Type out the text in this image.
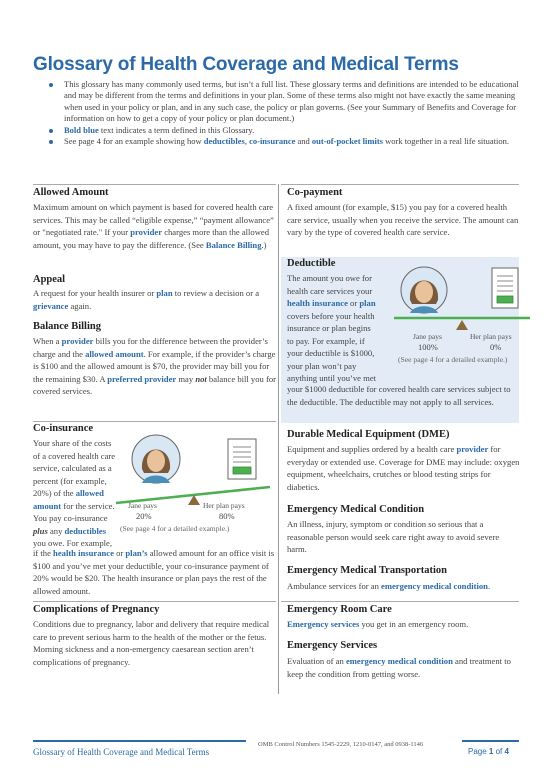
Glossary of Health Coverage and Medical Terms
This glossary has many commonly used terms, but isn’t a full list. These glossary terms and definitions are intended to be educational and may be different from the terms and definitions in your plan. Some of these terms also might not have exactly the same meaning when used in your policy or plan, and in any such case, the policy or plan governs. (See your Summary of Benefits and Coverage for information on how to get a copy of your policy or plan document.)
Bold blue text indicates a term defined in this Glossary.
See page 4 for an example showing how deductibles, co-insurance and out-of-pocket limits work together in a real life situation.
Allowed Amount

Maximum amount on which payment is based for covered health care services. This may be called “eligible expense,” “payment allowance” or "negotiated rate." If your provider charges more than the allowed amount, you may have to pay the difference. (See Balance Billing.)

Appeal

A request for your health insurer or plan to review a decision or a grievance again.

Balance Billing

When a provider bills you for the difference between the provider’s charge and the allowed amount. For example, if the provider’s charge is $100 and the allowed amount is $70, the provider may bill you for the remaining $30. A preferred provider may not balance bill you for covered services.

Co-insurance

Your share of the costs
of a covered health care
service, calculated as a
percent (for example,
20%) of the allowed
amount for the service.
You pay co-insurance
plus any deductibles
you owe. For example,

if the health insurance or plan’s allowed amount for an office visit is $100 and you’ve met your deductible, your co-insurance payment of 20% would be $20. The health insurance or plan pays the rest of the allowed amount.

Jane pays	Her plan pays
20%	80%
(See page 4 for a detailed example.)
Complications of Pregnancy

Conditions due to pregnancy, labor and delivery that require medical care to prevent serious harm to the health of the mother or the fetus. Morning sickness and a non-emergency caesarean section aren’t complications of pregnancy.

Co-payment

A fixed amount (for example, $15) you pay for a covered health care service, usually when you receive the service. The amount can vary by the type of covered health care service.

Deductible

The amount you owe for
health care services your
health insurance or plan
covers before your health
insurance or plan begins
to pay. For example, if
your deductible is $1000,
your plan won’t pay
anything until you’ve met

your $1000 deductible for covered health care services subject to the deductible. The deductible may not apply to all services.

Jane pays	Her plan pays
100%	0%
(See page 4 for a detailed example.)
Durable Medical Equipment (DME)

Equipment and supplies ordered by a health care provider for everyday or extended use. Coverage for DME may include: oxygen equipment, wheelchairs, crutches or blood testing strips for diabetics.

Emergency Medical Condition

An illness, injury, symptom or condition so serious that a reasonable person would seek care right away to avoid severe harm.

Emergency Medical Transportation

Ambulance services for an emergency medical condition.

Emergency Room Care

Emergency services you get in an emergency room.

Emergency Services

Evaluation of an emergency medical condition and treatment to keep the condition from getting worse.

Glossary of Health Coverage and Medical Terms
OMB Control Numbers 1545-2229, 1210-0147, and 0938-1146
Page 1 of 4
